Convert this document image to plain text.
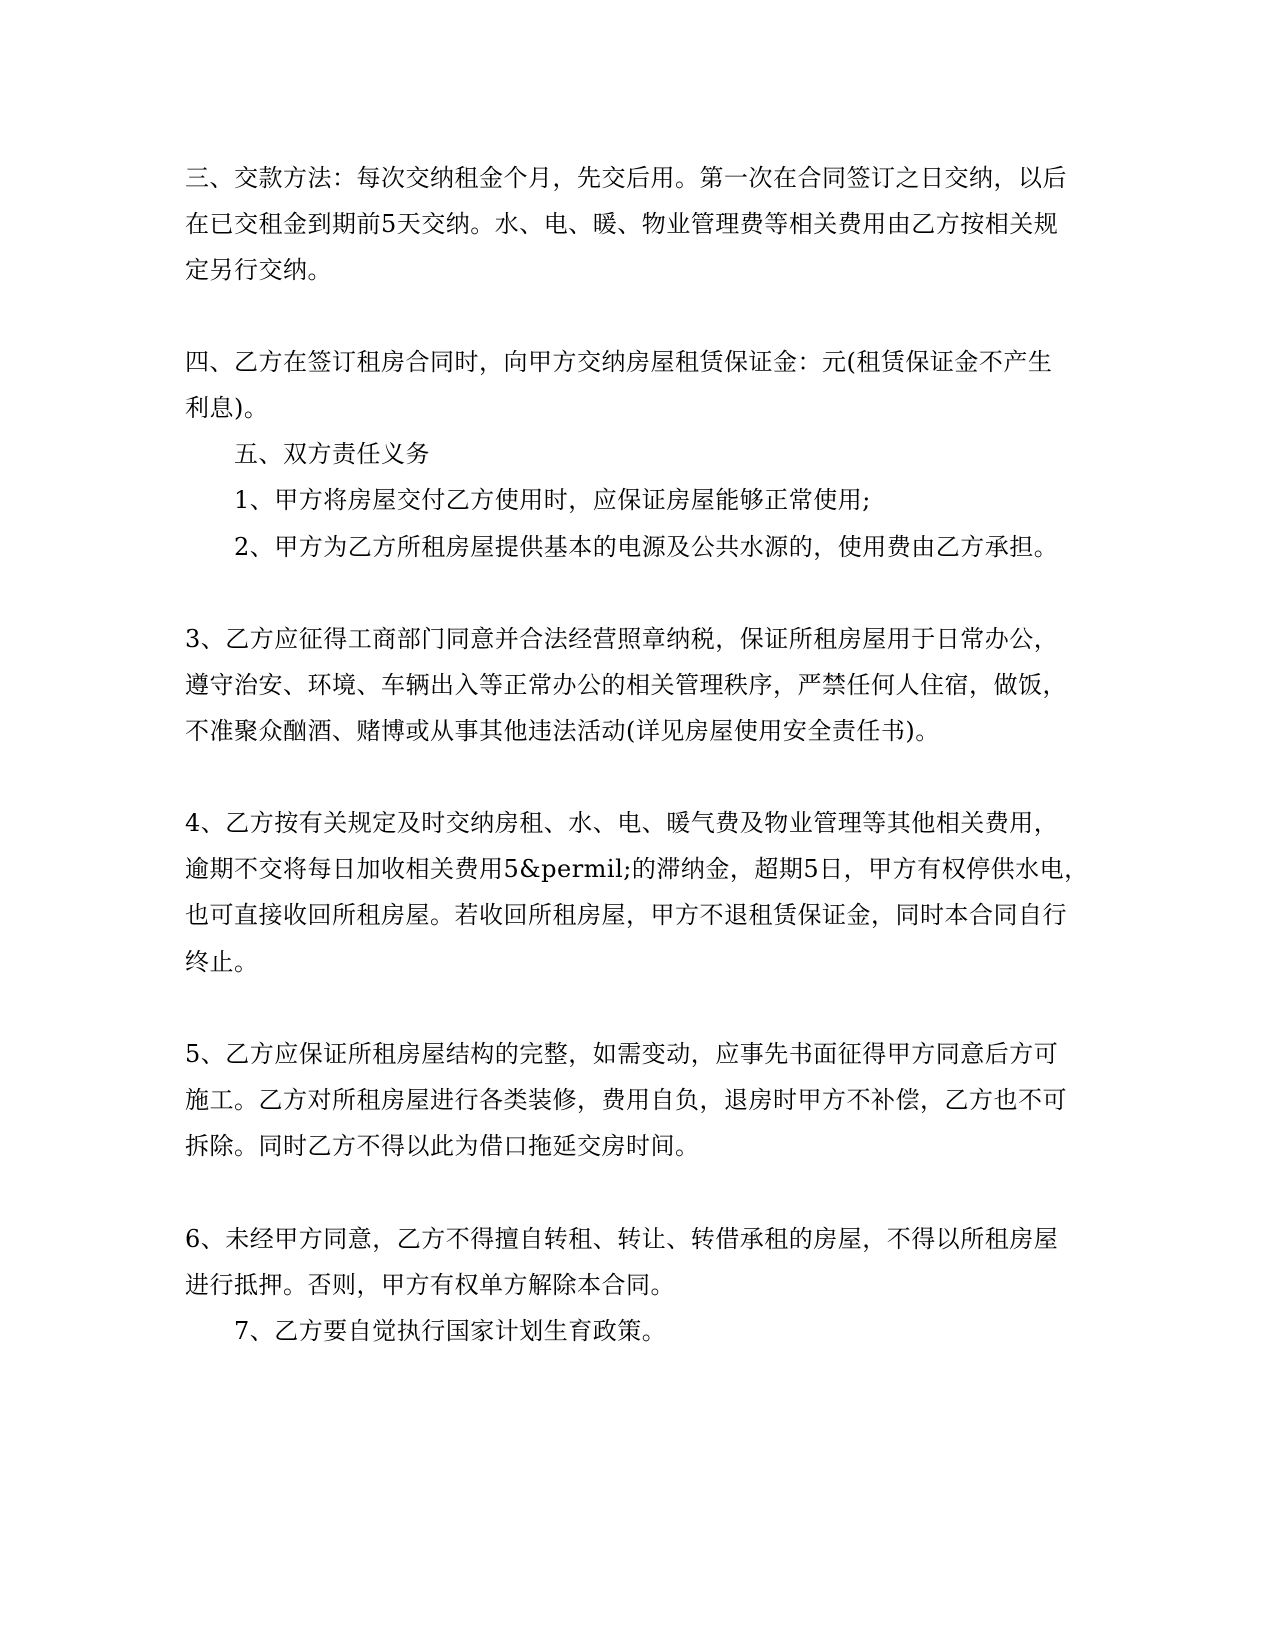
三、交款方法：每次交纳租金个月，先交后用。第一次在合同签订之日交纳，以后
在已交租金到期前5天交纳。水、电、暖、物业管理费等相关费用由乙方按相关规
定另行交纳。
四、乙方在签订租房合同时，向甲方交纳房屋租赁保证金：元(租赁保证金不产生
利息)。
五、双方责任义务
1、甲方将房屋交付乙方使用时，应保证房屋能够正常使用;
2、甲方为乙方所租房屋提供基本的电源及公共水源的，使用费由乙方承担。
3、乙方应征得工商部门同意并合法经营照章纳税，保证所租房屋用于日常办公，
遵守治安、环境、车辆出入等正常办公的相关管理秩序，严禁任何人住宿，做饭，
不准聚众酗酒、赌博或从事其他违法活动(详见房屋使用安全责任书)。
4、乙方按有关规定及时交纳房租、水、电、暖气费及物业管理等其他相关费用，
逾期不交将每日加收相关费用5&permil;的滞纳金，超期5日，甲方有权停供水电，
也可直接收回所租房屋。若收回所租房屋，甲方不退租赁保证金，同时本合同自行
终止。
5、乙方应保证所租房屋结构的完整，如需变动，应事先书面征得甲方同意后方可
施工。乙方对所租房屋进行各类装修，费用自负，退房时甲方不补偿，乙方也不可
拆除。同时乙方不得以此为借口拖延交房时间。
6、未经甲方同意，乙方不得擅自转租、转让、转借承租的房屋，不得以所租房屋
进行抵押。否则，甲方有权单方解除本合同。
7、乙方要自觉执行国家计划生育政策。
